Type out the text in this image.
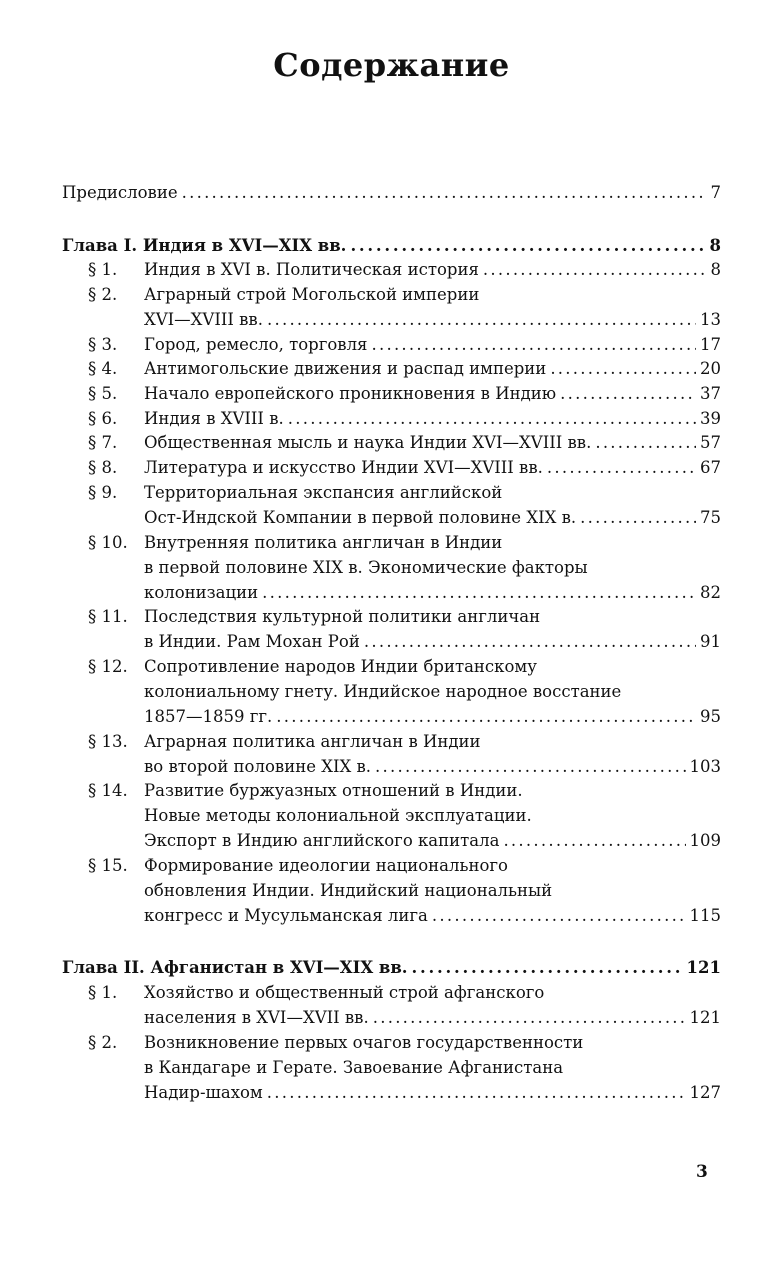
Содержание
Предисловие . . .	7
Глава I. Индия в XVI—XIX вв. . . .	8
§ 1. Индия в XVI в. Политическая история . . .	8
§ 2. Аграрный строй Могольской империи
XVI—XVIII вв. . . .	13
§ 3. Город, ремесло, торговля . . .	17
§ 4. Антимогольские движения и распад империи . . .	20
§ 5. Начало европейского проникновения в Индию . . .	37
§ 6. Индия в XVIII в. . . .	39
§ 7. Общественная мысль и наука Индии XVI—XVIII вв. . . .	57
§ 8. Литература и искусство Индии XVI—XVIII вв. . . .	67
§ 9. Территориальная экспансия английской
Ост-Индской Компании в первой половине XIX в. . . .	75
§ 10. Внутренняя политика англичан в Индии
в первой половине XIX в. Экономические факторы
колонизации . . .	82
§ 11. Последствия культурной политики англичан
в Индии. Рам Мохан Рой . . .	91
§ 12. Сопротивление народов Индии британскому
колониальному гнету. Индийское народное восстание
1857—1859 гг. . . .	95
§ 13. Аграрная политика англичан в Индии
во второй половине XIX в. . . .	103
§ 14. Развитие буржуазных отношений в Индии.
Новые методы колониальной эксплуатации.
Экспорт в Индию английского капитала . . .	109
§ 15. Формирование идеологии национального
обновления Индии. Индийский национальный
конгресс и Мусульманская лига . . .	115
Глава II. Афганистан в XVI—XIX вв. . . .	121
§ 1. Хозяйство и общественный строй афганского
населения в XVI—XVII вв. . . .	121
§ 2. Возникновение первых очагов государственности
в Кандагаре и Герате. Завоевание Афганистана
Надир-шахом . . .	127
3
